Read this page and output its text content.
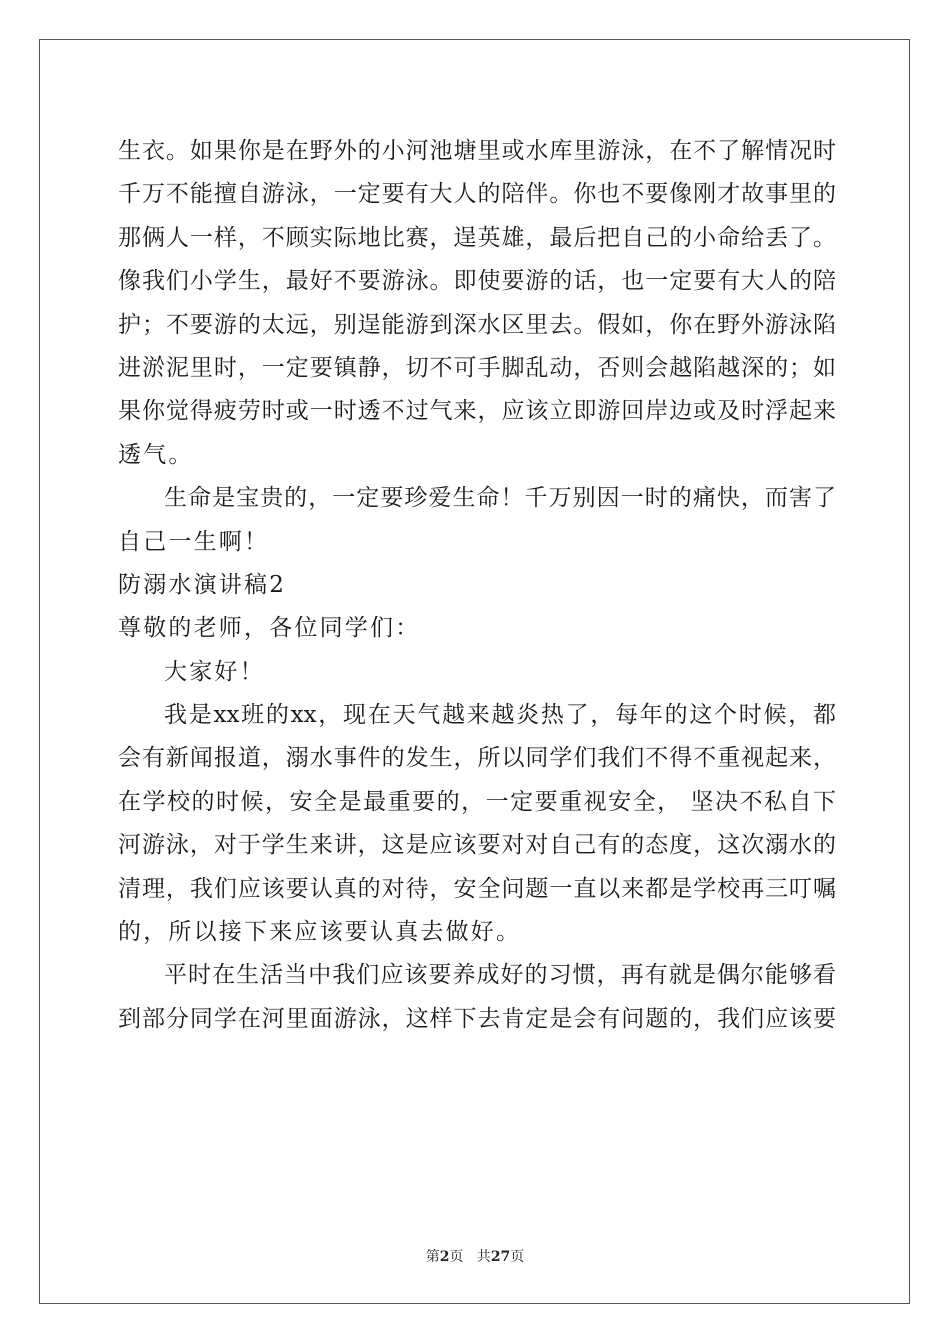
生衣。如果你是在野外的小河池塘里或水库里游泳，在不了解情况时
千万不能擅自游泳，一定要有大人的陪伴。你也不要像刚才故事里的
那俩人一样，不顾实际地比赛，逞英雄，最后把自己的小命给丢了。
像我们小学生，最好不要游泳。即使要游的话，也一定要有大人的陪
护；不要游的太远，别逞能游到深水区里去。假如，你在野外游泳陷
进淤泥里时，一定要镇静，切不可手脚乱动，否则会越陷越深的；如
果你觉得疲劳时或一时透不过气来，应该立即游回岸边或及时浮起来
透气。
生命是宝贵的，一定要珍爱生命！千万别因一时的痛快，而害了
自己一生啊！
防溺水演讲稿2
尊敬的老师，各位同学们：
大家好！
我是xx班的xx，现在天气越来越炎热了，每年的这个时候，都
会有新闻报道，溺水事件的发生，所以同学们我们不得不重视起来，
在学校的时候，安全是最重要的，一定要重视安全， 坚决不私自下
河游泳，对于学生来讲，这是应该要对对自己有的态度，这次溺水的
清理，我们应该要认真的对待，安全问题一直以来都是学校再三叮嘱
的，所以接下来应该要认真去做好。
平时在生活当中我们应该要养成好的习惯，再有就是偶尔能够看
到部分同学在河里面游泳，这样下去肯定是会有问题的，我们应该要
第2页   共27页
